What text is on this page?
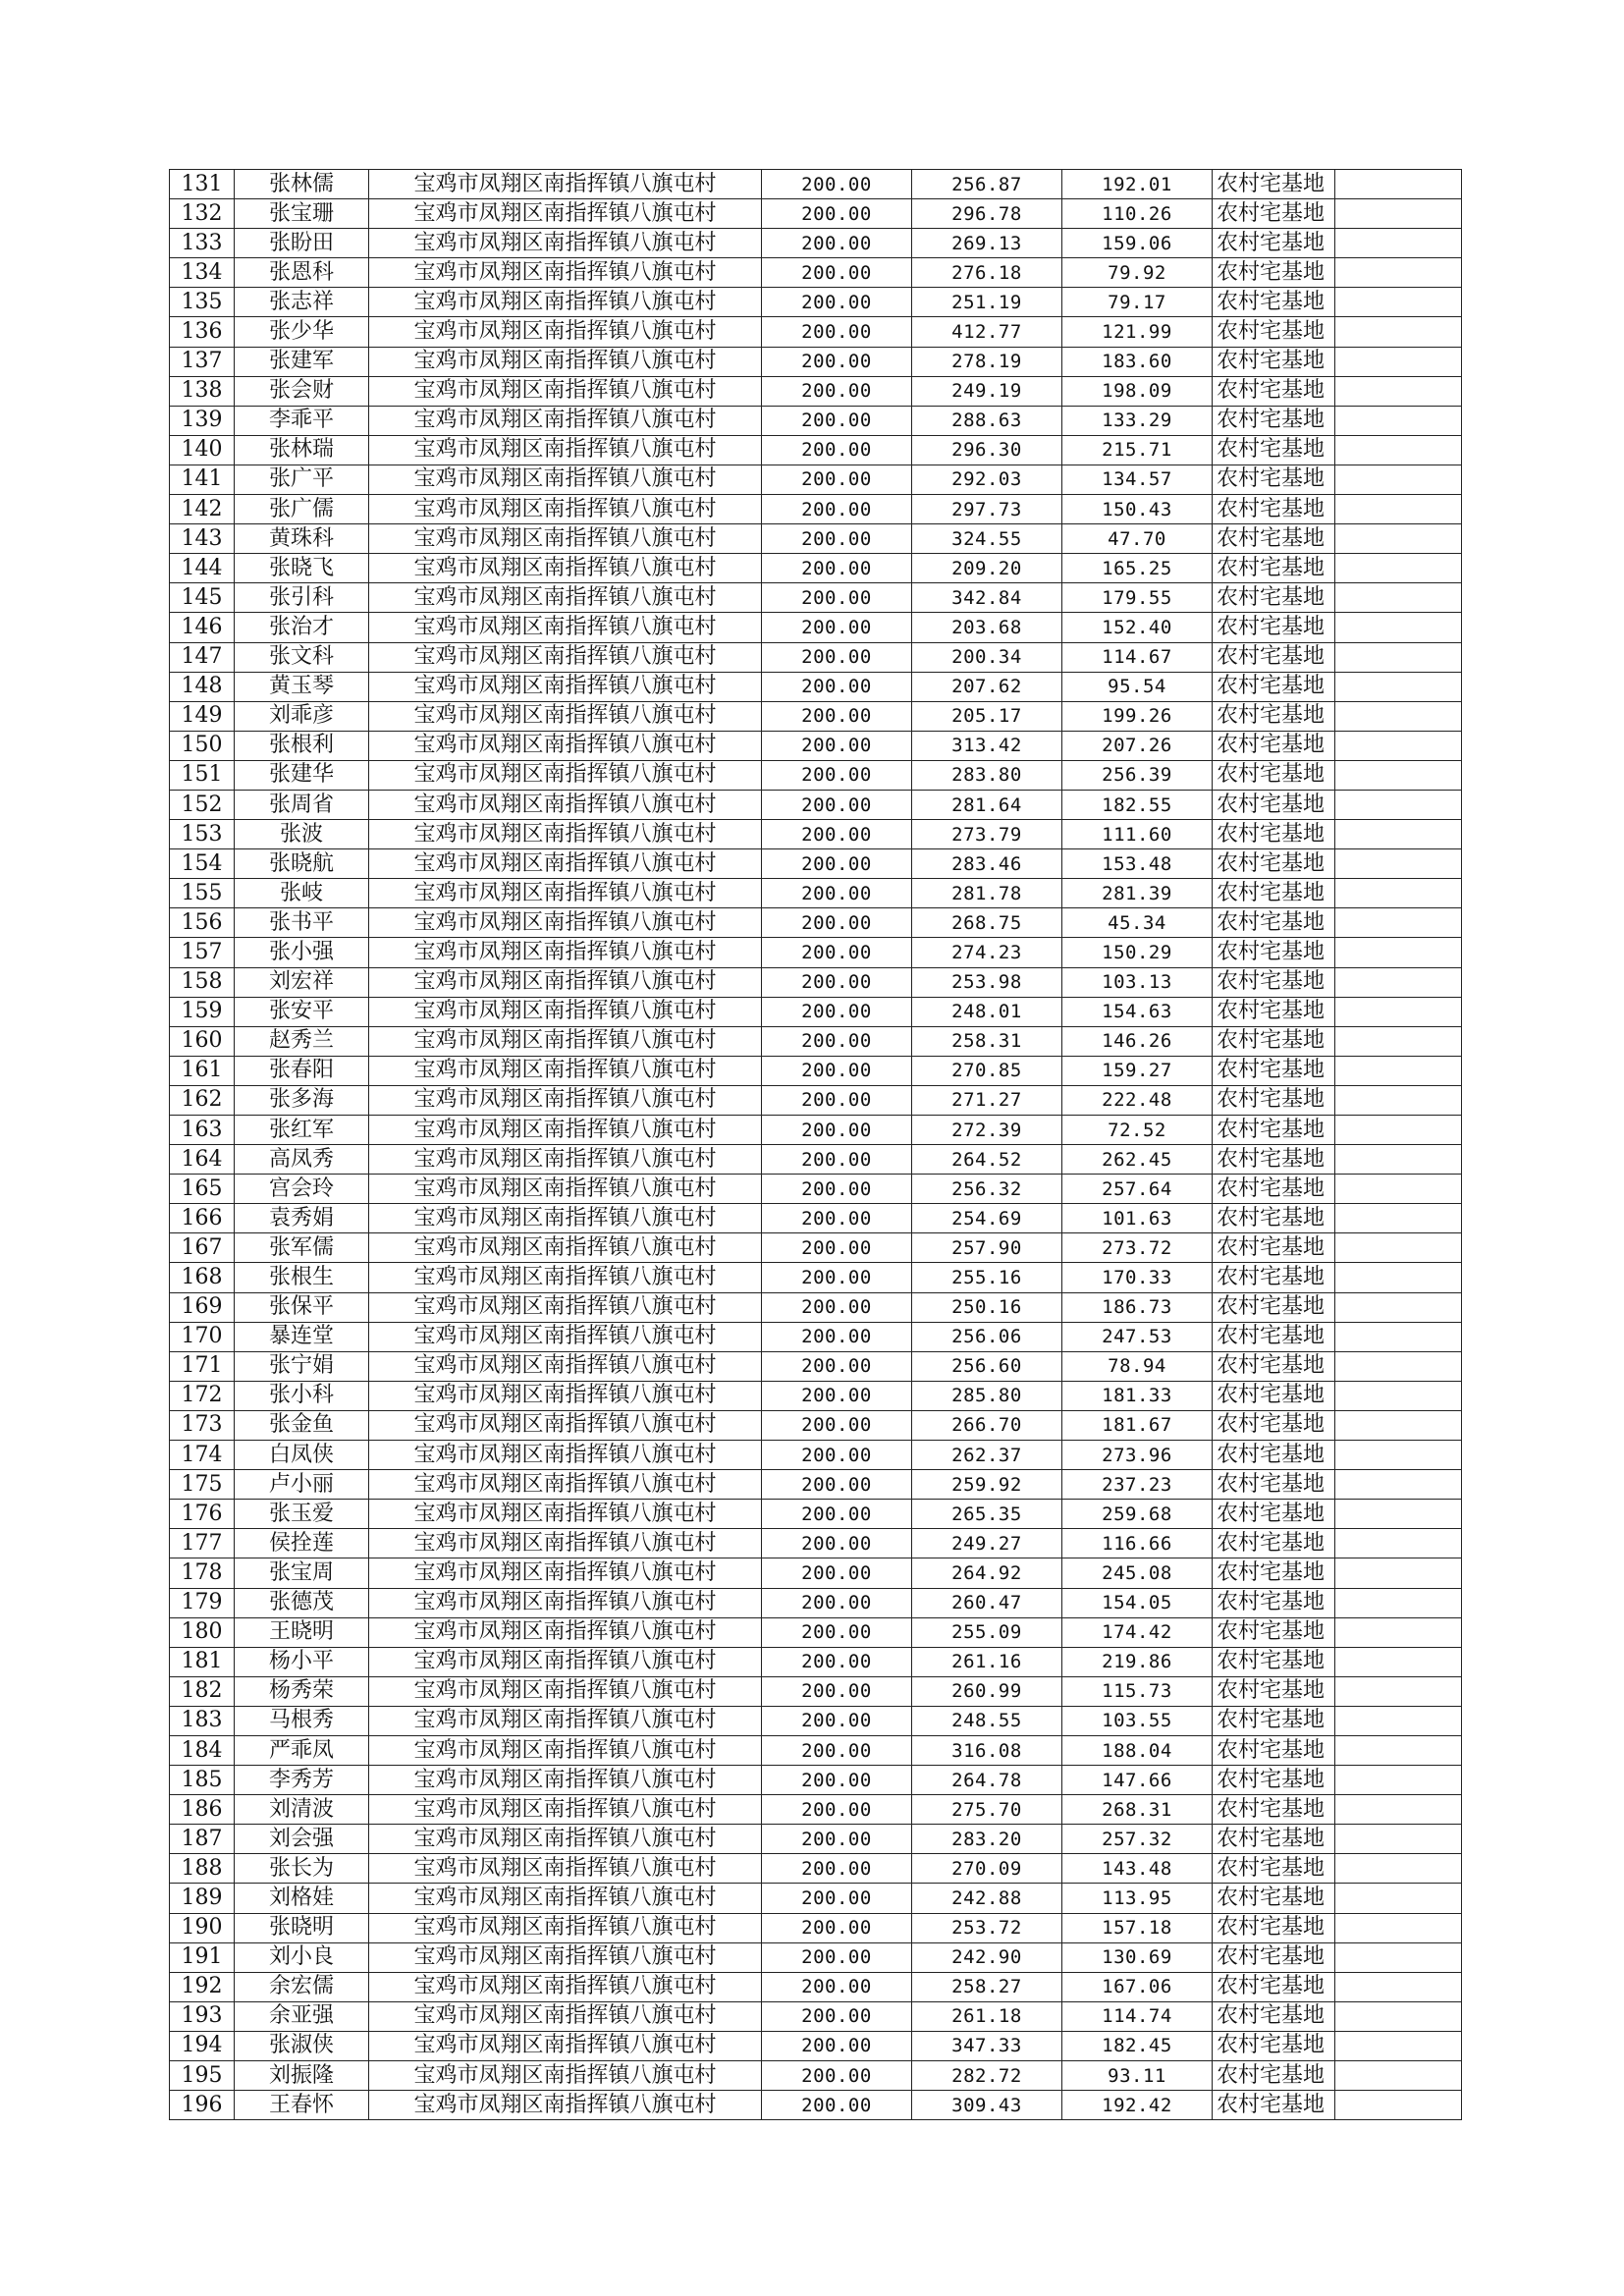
131	张林儒	宝鸡市凤翔区南指挥镇八旗屯村	200.00	256.87	192.01	农村宅基地	
132	张宝珊	宝鸡市凤翔区南指挥镇八旗屯村	200.00	296.78	110.26	农村宅基地	
133	张盼田	宝鸡市凤翔区南指挥镇八旗屯村	200.00	269.13	159.06	农村宅基地	
134	张恩科	宝鸡市凤翔区南指挥镇八旗屯村	200.00	276.18	79.92	农村宅基地	
135	张志祥	宝鸡市凤翔区南指挥镇八旗屯村	200.00	251.19	79.17	农村宅基地	
136	张少华	宝鸡市凤翔区南指挥镇八旗屯村	200.00	412.77	121.99	农村宅基地	
137	张建军	宝鸡市凤翔区南指挥镇八旗屯村	200.00	278.19	183.60	农村宅基地	
138	张会财	宝鸡市凤翔区南指挥镇八旗屯村	200.00	249.19	198.09	农村宅基地	
139	李乖平	宝鸡市凤翔区南指挥镇八旗屯村	200.00	288.63	133.29	农村宅基地	
140	张林瑞	宝鸡市凤翔区南指挥镇八旗屯村	200.00	296.30	215.71	农村宅基地	
141	张广平	宝鸡市凤翔区南指挥镇八旗屯村	200.00	292.03	134.57	农村宅基地	
142	张广儒	宝鸡市凤翔区南指挥镇八旗屯村	200.00	297.73	150.43	农村宅基地	
143	黄珠科	宝鸡市凤翔区南指挥镇八旗屯村	200.00	324.55	47.70	农村宅基地	
144	张晓飞	宝鸡市凤翔区南指挥镇八旗屯村	200.00	209.20	165.25	农村宅基地	
145	张引科	宝鸡市凤翔区南指挥镇八旗屯村	200.00	342.84	179.55	农村宅基地	
146	张治才	宝鸡市凤翔区南指挥镇八旗屯村	200.00	203.68	152.40	农村宅基地	
147	张文科	宝鸡市凤翔区南指挥镇八旗屯村	200.00	200.34	114.67	农村宅基地	
148	黄玉琴	宝鸡市凤翔区南指挥镇八旗屯村	200.00	207.62	95.54	农村宅基地	
149	刘乖彦	宝鸡市凤翔区南指挥镇八旗屯村	200.00	205.17	199.26	农村宅基地	
150	张根利	宝鸡市凤翔区南指挥镇八旗屯村	200.00	313.42	207.26	农村宅基地	
151	张建华	宝鸡市凤翔区南指挥镇八旗屯村	200.00	283.80	256.39	农村宅基地	
152	张周省	宝鸡市凤翔区南指挥镇八旗屯村	200.00	281.64	182.55	农村宅基地	
153	张波	宝鸡市凤翔区南指挥镇八旗屯村	200.00	273.79	111.60	农村宅基地	
154	张晓航	宝鸡市凤翔区南指挥镇八旗屯村	200.00	283.46	153.48	农村宅基地	
155	张岐	宝鸡市凤翔区南指挥镇八旗屯村	200.00	281.78	281.39	农村宅基地	
156	张书平	宝鸡市凤翔区南指挥镇八旗屯村	200.00	268.75	45.34	农村宅基地	
157	张小强	宝鸡市凤翔区南指挥镇八旗屯村	200.00	274.23	150.29	农村宅基地	
158	刘宏祥	宝鸡市凤翔区南指挥镇八旗屯村	200.00	253.98	103.13	农村宅基地	
159	张安平	宝鸡市凤翔区南指挥镇八旗屯村	200.00	248.01	154.63	农村宅基地	
160	赵秀兰	宝鸡市凤翔区南指挥镇八旗屯村	200.00	258.31	146.26	农村宅基地	
161	张春阳	宝鸡市凤翔区南指挥镇八旗屯村	200.00	270.85	159.27	农村宅基地	
162	张多海	宝鸡市凤翔区南指挥镇八旗屯村	200.00	271.27	222.48	农村宅基地	
163	张红军	宝鸡市凤翔区南指挥镇八旗屯村	200.00	272.39	72.52	农村宅基地	
164	高凤秀	宝鸡市凤翔区南指挥镇八旗屯村	200.00	264.52	262.45	农村宅基地	
165	宫会玲	宝鸡市凤翔区南指挥镇八旗屯村	200.00	256.32	257.64	农村宅基地	
166	袁秀娟	宝鸡市凤翔区南指挥镇八旗屯村	200.00	254.69	101.63	农村宅基地	
167	张军儒	宝鸡市凤翔区南指挥镇八旗屯村	200.00	257.90	273.72	农村宅基地	
168	张根生	宝鸡市凤翔区南指挥镇八旗屯村	200.00	255.16	170.33	农村宅基地	
169	张保平	宝鸡市凤翔区南指挥镇八旗屯村	200.00	250.16	186.73	农村宅基地	
170	暴连堂	宝鸡市凤翔区南指挥镇八旗屯村	200.00	256.06	247.53	农村宅基地	
171	张宁娟	宝鸡市凤翔区南指挥镇八旗屯村	200.00	256.60	78.94	农村宅基地	
172	张小科	宝鸡市凤翔区南指挥镇八旗屯村	200.00	285.80	181.33	农村宅基地	
173	张金鱼	宝鸡市凤翔区南指挥镇八旗屯村	200.00	266.70	181.67	农村宅基地	
174	白凤侠	宝鸡市凤翔区南指挥镇八旗屯村	200.00	262.37	273.96	农村宅基地	
175	卢小丽	宝鸡市凤翔区南指挥镇八旗屯村	200.00	259.92	237.23	农村宅基地	
176	张玉爱	宝鸡市凤翔区南指挥镇八旗屯村	200.00	265.35	259.68	农村宅基地	
177	侯拴莲	宝鸡市凤翔区南指挥镇八旗屯村	200.00	249.27	116.66	农村宅基地	
178	张宝周	宝鸡市凤翔区南指挥镇八旗屯村	200.00	264.92	245.08	农村宅基地	
179	张德茂	宝鸡市凤翔区南指挥镇八旗屯村	200.00	260.47	154.05	农村宅基地	
180	王晓明	宝鸡市凤翔区南指挥镇八旗屯村	200.00	255.09	174.42	农村宅基地	
181	杨小平	宝鸡市凤翔区南指挥镇八旗屯村	200.00	261.16	219.86	农村宅基地	
182	杨秀荣	宝鸡市凤翔区南指挥镇八旗屯村	200.00	260.99	115.73	农村宅基地	
183	马根秀	宝鸡市凤翔区南指挥镇八旗屯村	200.00	248.55	103.55	农村宅基地	
184	严乖凤	宝鸡市凤翔区南指挥镇八旗屯村	200.00	316.08	188.04	农村宅基地	
185	李秀芳	宝鸡市凤翔区南指挥镇八旗屯村	200.00	264.78	147.66	农村宅基地	
186	刘清波	宝鸡市凤翔区南指挥镇八旗屯村	200.00	275.70	268.31	农村宅基地	
187	刘会强	宝鸡市凤翔区南指挥镇八旗屯村	200.00	283.20	257.32	农村宅基地	
188	张长为	宝鸡市凤翔区南指挥镇八旗屯村	200.00	270.09	143.48	农村宅基地	
189	刘格娃	宝鸡市凤翔区南指挥镇八旗屯村	200.00	242.88	113.95	农村宅基地	
190	张晓明	宝鸡市凤翔区南指挥镇八旗屯村	200.00	253.72	157.18	农村宅基地	
191	刘小良	宝鸡市凤翔区南指挥镇八旗屯村	200.00	242.90	130.69	农村宅基地	
192	余宏儒	宝鸡市凤翔区南指挥镇八旗屯村	200.00	258.27	167.06	农村宅基地	
193	余亚强	宝鸡市凤翔区南指挥镇八旗屯村	200.00	261.18	114.74	农村宅基地	
194	张淑侠	宝鸡市凤翔区南指挥镇八旗屯村	200.00	347.33	182.45	农村宅基地	
195	刘振隆	宝鸡市凤翔区南指挥镇八旗屯村	200.00	282.72	93.11	农村宅基地	
196	王春怀	宝鸡市凤翔区南指挥镇八旗屯村	200.00	309.43	192.42	农村宅基地	
